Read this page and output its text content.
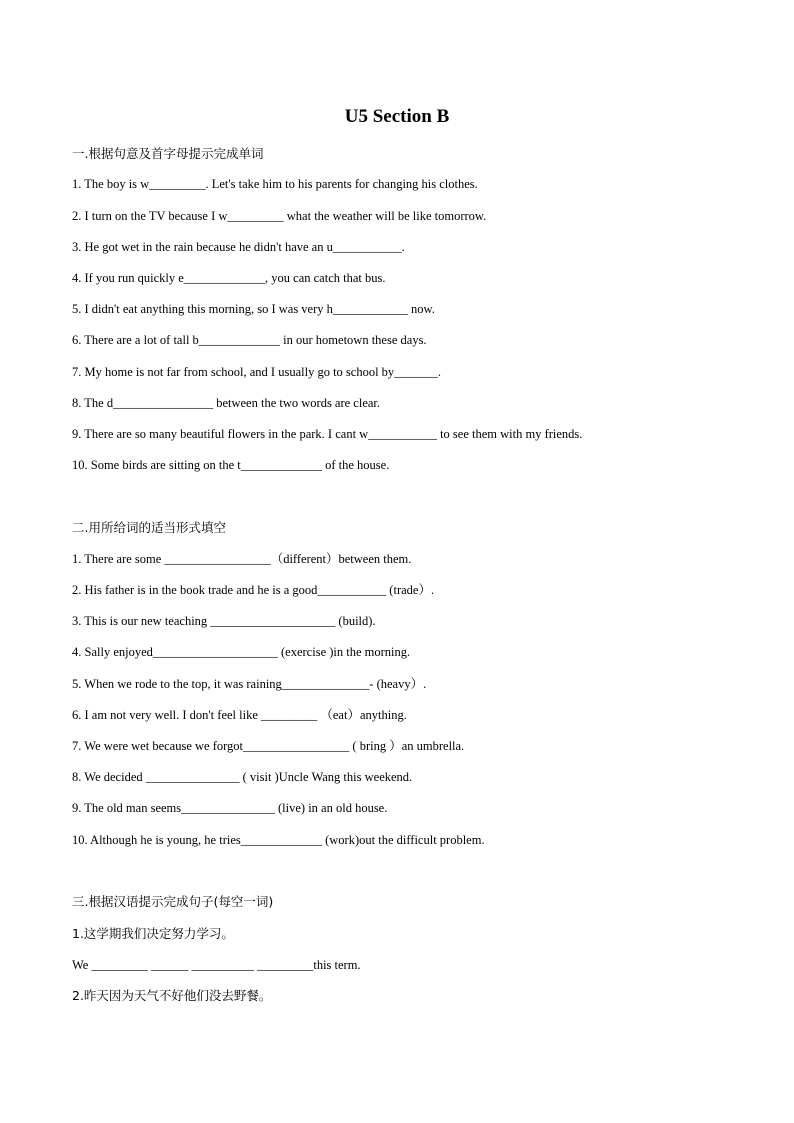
U5 Section B
一.根据句意及首字母提示完成单词
1. The boy is w_________. Let's take him to his parents for changing his clothes.
2. I turn on the TV because I w_________ what the weather will be like tomorrow.
3. He got wet in the rain because he didn't have an u___________.
4. If you run quickly e_____________, you can catch that bus.
5. I didn't eat anything this morning, so I was very h____________ now.
6. There are a lot of tall b_____________ in our hometown these days.
7. My home is not far from school, and I usually go to school by_______.
8. The d________________ between the two words are clear.
9. There are so many beautiful flowers in the park. I cant w___________ to see them with my friends.
10. Some birds are sitting on the t_____________ of the house.
二.用所给词的适当形式填空
1. There are some _________________（different）between them.
2. His father is in the book trade and he is a good___________ (trade）.
3. This is our new teaching ____________________ (build).
4. Sally enjoyed____________________ (exercise )in the morning.
5. When we rode to the top, it was raining______________- (heavy）.
6. I am not very well. I don't feel like _________ （eat）anything.
7. We were wet because we forgot_________________ ( bring ）an umbrella.
8. We decided _______________ ( visit )Uncle Wang this weekend.
9. The old man seems_______________ (live) in an old house.
10. Although he is young, he tries_____________ (work)out the difficult problem.
三.根据汉语提示完成句子(每空一词)
1.这学期我们决定努力学习。
We _________ ______ __________ _________this term.
2.昨天因为天气不好他们没去野餐。
